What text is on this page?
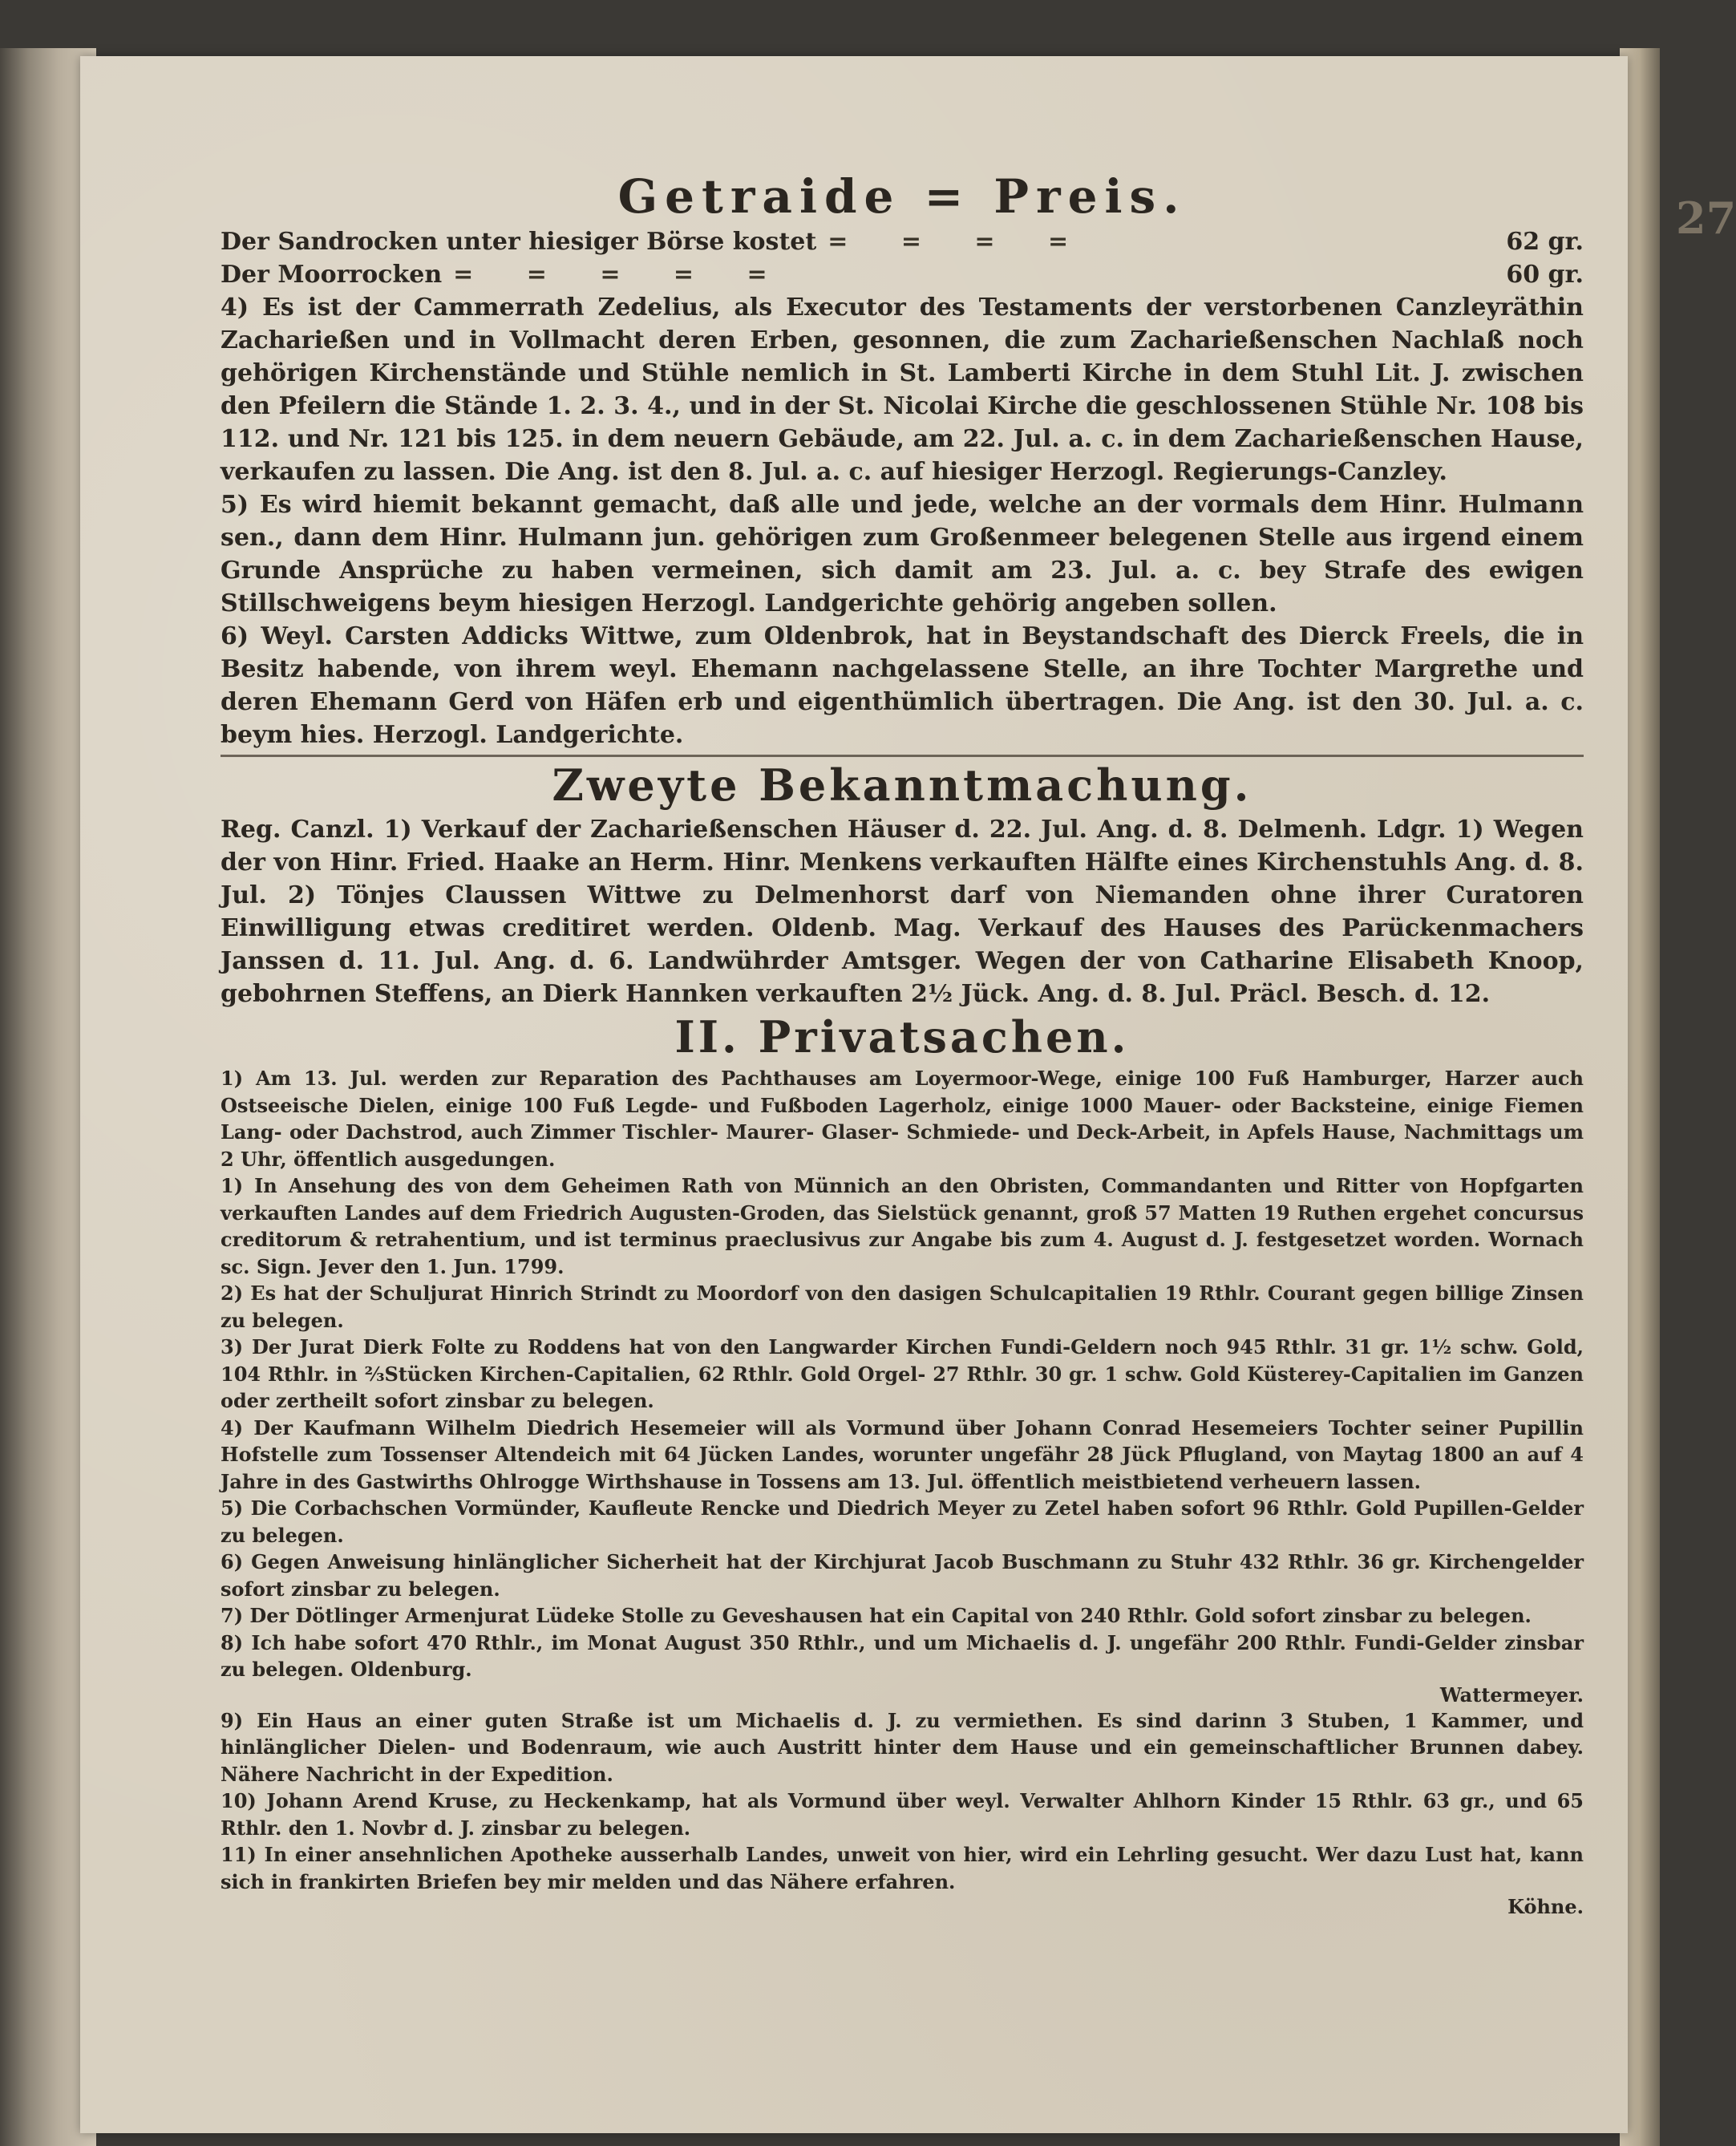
27
Getraide = Preis.
Der Sandrocken unter hiesiger Börse kostet = = = =	62 gr.
Der Moorrocken = = = = =	60 gr.

4) Es ist der Cammerrath Zedelius, als Executor des Testaments der verstorbenen Canzleyräthin Zacharießen und in Vollmacht deren Erben, gesonnen, die zum Zacharießenschen Nachlaß noch gehörigen Kirchenstände und Stühle nemlich in St. Lamberti Kirche in dem Stuhl Lit. J. zwischen den Pfeilern die Stände 1. 2. 3. 4., und in der St. Nicolai Kirche die geschlossenen Stühle Nr. 108 bis 112. und Nr. 121 bis 125. in dem neuern Gebäude, am 22. Jul. a. c. in dem Zacharießenschen Hause, verkaufen zu lassen. Die Ang. ist den 8. Jul. a. c. auf hiesiger Herzogl. Regierungs-Canzley.

5) Es wird hiemit bekannt gemacht, daß alle und jede, welche an der vormals dem Hinr. Hulmann sen., dann dem Hinr. Hulmann jun. gehörigen zum Großenmeer belegenen Stelle aus irgend einem Grunde Ansprüche zu haben vermeinen, sich damit am 23. Jul. a. c. bey Strafe des ewigen Stillschweigens beym hiesigen Herzogl. Landgerichte gehörig angeben sollen.

6) Weyl. Carsten Addicks Wittwe, zum Oldenbrok, hat in Beystandschaft des Dierck Freels, die in Besitz habende, von ihrem weyl. Ehemann nachgelassene Stelle, an ihre Tochter Margrethe und deren Ehemann Gerd von Häfen erb und eigenthümlich übertragen. Die Ang. ist den 30. Jul. a. c. beym hies. Herzogl. Landgerichte.

Zweyte Bekanntmachung.

Reg. Canzl. 1) Verkauf der Zacharießenschen Häuser d. 22. Jul. Ang. d. 8. Delmenh. Ldgr. 1) Wegen der von Hinr. Fried. Haake an Herm. Hinr. Menkens verkauften Hälfte eines Kirchenstuhls Ang. d. 8. Jul. 2) Tönjes Claussen Wittwe zu Delmenhorst darf von Niemanden ohne ihrer Curatoren Einwilligung etwas creditiret werden. Oldenb. Mag. Verkauf des Hauses des Parückenmachers Janssen d. 11. Jul. Ang. d. 6. Landwührder Amtsger. Wegen der von Catharine Elisabeth Knoop, gebohrnen Steffens, an Dierk Hannken verkauften 2½ Jück. Ang. d. 8. Jul. Präcl. Besch. d. 12.

II. Privatsachen.

1) Am 13. Jul. werden zur Reparation des Pachthauses am Loyermoor-Wege, einige 100 Fuß Hamburger, Harzer auch Ostseeische Dielen, einige 100 Fuß Legde- und Fußboden Lagerholz, einige 1000 Mauer- oder Backsteine, einige Fiemen Lang- oder Dachstrod, auch Zimmer Tischler- Maurer- Glaser- Schmiede- und Deck-Arbeit, in Apfels Hause, Nachmittags um 2 Uhr, öffentlich ausgedungen.

1) In Ansehung des von dem Geheimen Rath von Münnich an den Obristen, Commandanten und Ritter von Hopfgarten verkauften Landes auf dem Friedrich Augusten-Groden, das Sielstück genannt, groß 57 Matten 19 Ruthen ergehet concursus creditorum & retrahentium, und ist terminus praeclusivus zur Angabe bis zum 4. August d. J. festgesetzet worden. Wornach sc. Sign. Jever den 1. Jun. 1799.

2) Es hat der Schuljurat Hinrich Strindt zu Moordorf von den dasigen Schulcapitalien 19 Rthlr. Courant gegen billige Zinsen zu belegen.

3) Der Jurat Dierk Folte zu Roddens hat von den Langwarder Kirchen Fundi-Geldern noch 945 Rthlr. 31 gr. 1½ schw. Gold, 104 Rthlr. in ⅔Stücken Kirchen-Capitalien, 62 Rthlr. Gold Orgel- 27 Rthlr. 30 gr. 1 schw. Gold Küsterey-Capitalien im Ganzen oder zertheilt sofort zinsbar zu belegen.

4) Der Kaufmann Wilhelm Diedrich Hesemeier will als Vormund über Johann Conrad Hesemeiers Tochter seiner Pupillin Hofstelle zum Tossenser Altendeich mit 64 Jücken Landes, worunter ungefähr 28 Jück Pflugland, von Maytag 1800 an auf 4 Jahre in des Gastwirths Ohlrogge Wirthshause in Tossens am 13. Jul. öffentlich meistbietend verheuern lassen.

5) Die Corbachschen Vormünder, Kaufleute Rencke und Diedrich Meyer zu Zetel haben sofort 96 Rthlr. Gold Pupillen-Gelder zu belegen.

6) Gegen Anweisung hinlänglicher Sicherheit hat der Kirchjurat Jacob Buschmann zu Stuhr 432 Rthlr. 36 gr. Kirchengelder sofort zinsbar zu belegen.

7) Der Dötlinger Armenjurat Lüdeke Stolle zu Geveshausen hat ein Capital von 240 Rthlr. Gold sofort zinsbar zu belegen.

8) Ich habe sofort 470 Rthlr., im Monat August 350 Rthlr., und um Michaelis d. J. ungefähr 200 Rthlr. Fundi-Gelder zinsbar zu belegen. Oldenburg.

Wattermeyer.

9) Ein Haus an einer guten Straße ist um Michaelis d. J. zu vermiethen. Es sind darinn 3 Stuben, 1 Kammer, und hinlänglicher Dielen- und Bodenraum, wie auch Austritt hinter dem Hause und ein gemeinschaftlicher Brunnen dabey. Nähere Nachricht in der Expedition.

10) Johann Arend Kruse, zu Heckenkamp, hat als Vormund über weyl. Verwalter Ahlhorn Kinder 15 Rthlr. 63 gr., und 65 Rthlr. den 1. Novbr d. J. zinsbar zu belegen.

11) In einer ansehnlichen Apotheke ausserhalb Landes, unweit von hier, wird ein Lehrling gesucht. Wer dazu Lust hat, kann sich in frankirten Briefen bey mir melden und das Nähere erfahren.

Köhne.
